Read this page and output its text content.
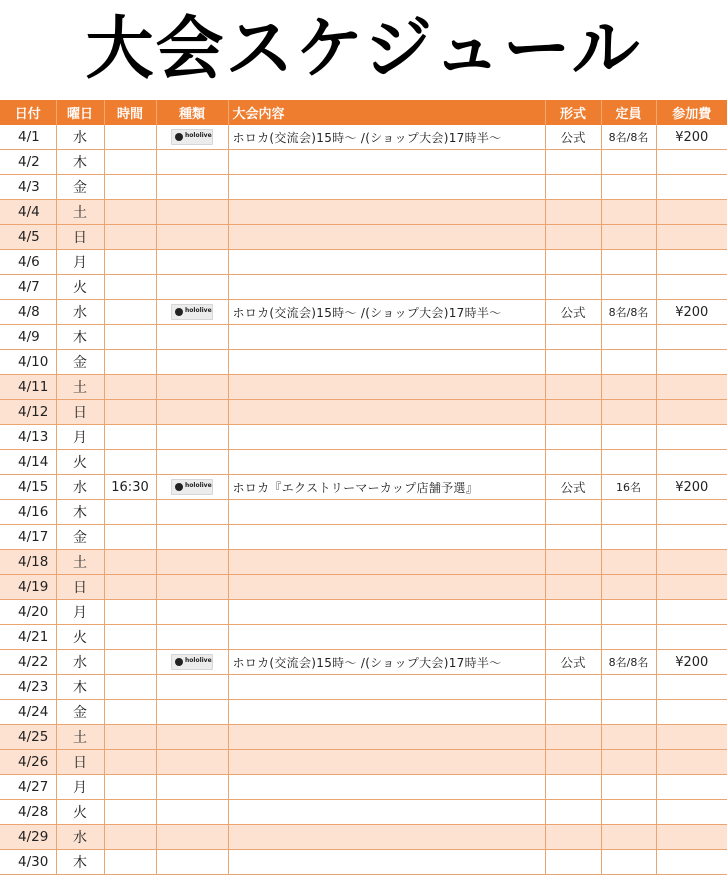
大会スケジュール
日付	曜日	時間	種類	大会内容	形式	定員	参加費
4/1	水		hololive	ホロカ(交流会)15時～ /(ショップ大会)17時半～	公式	8名/8名	¥200
4/2	木						
4/3	金						
4/4	土						
4/5	日						
4/6	月						
4/7	火						
4/8	水		hololive	ホロカ(交流会)15時～ /(ショップ大会)17時半～	公式	8名/8名	¥200
4/9	木						
4/10	金						
4/11	土						
4/12	日						
4/13	月						
4/14	火						
4/15	水	16:30	hololive	ホロカ『エクストリーマーカップ店舗予選』	公式	16名	¥200
4/16	木						
4/17	金						
4/18	土						
4/19	日						
4/20	月						
4/21	火						
4/22	水		hololive	ホロカ(交流会)15時～ /(ショップ大会)17時半～	公式	8名/8名	¥200
4/23	木						
4/24	金						
4/25	土						
4/26	日						
4/27	月						
4/28	火						
4/29	水						
4/30	木						
